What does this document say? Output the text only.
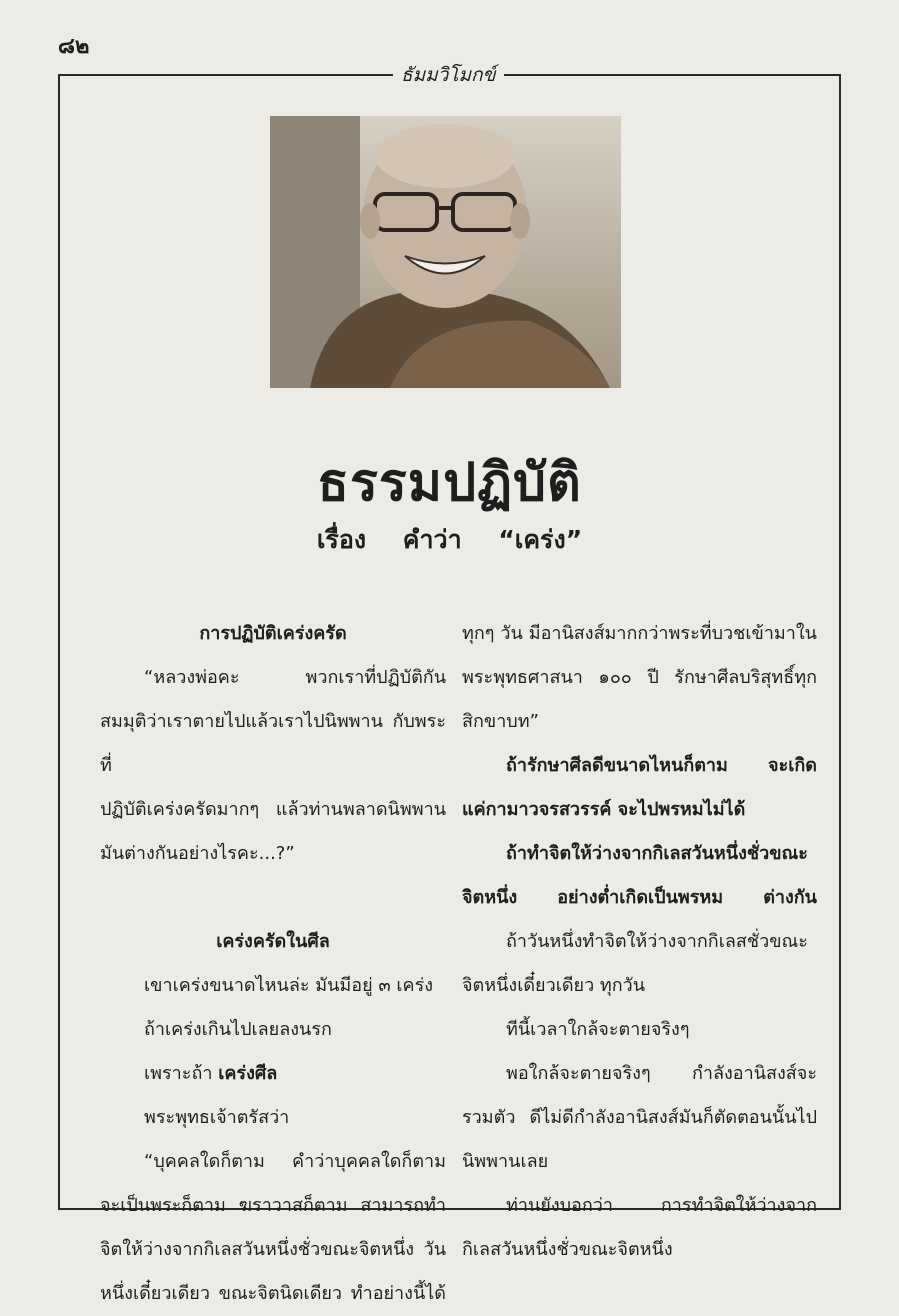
๘๒
ธัมมวิโมกข์
ธรรมปฏิบัติ
เรื่อง คำว่า “เคร่ง”

การปฏิบัติเคร่งครัด

“หลวงพ่อคะ พวกเราที่ปฏิบัติกัน

สมมุติว่าเราตายไปแล้วเราไปนิพพาน กับพระที่

ปฏิบัติเคร่งครัดมากๆ แล้วท่านพลาดนิพพาน

มันต่างกันอย่างไรคะ...?”

เคร่งครัดในศีล

เขาเคร่งขนาดไหนล่ะ มันมีอยู่ ๓ เคร่ง

ถ้าเคร่งเกินไปเลยลงนรก

เพราะถ้า เคร่งศีล

พระพุทธเจ้าตรัสว่า

“บุคคลใดก็ตาม คำว่าบุคคลใดก็ตาม

จะเป็นพระก็ตาม ฆราวาสก็ตาม สามารถทำ

จิตให้ว่างจากกิเลสวันหนึ่งชั่วขณะจิตหนึ่ง วัน

หนึ่งเดี๋ยวเดียว ขณะจิตนิดเดียว ทำอย่างนี้ได้

ทุกๆ วัน มีอานิสงส์มากกว่าพระที่บวชเข้ามาใน

พระพุทธศาสนา ๑๐๐ ปี รักษาศีลบริสุทธิ์ทุก

สิกขาบท”

ถ้ารักษาศีลดีขนาดไหนก็ตาม จะเกิด

แค่กามาวจรสวรรค์ จะไปพรหมไม่ได้

ถ้าทำจิตให้ว่างจากกิเลสวันหนึ่งชั่วขณะ

จิตหนึ่ง อย่างต่ำเกิดเป็นพรหม ต่างกัน

ถ้าวันหนึ่งทำจิตให้ว่างจากกิเลสชั่วขณะ

จิตหนึ่งเดี๋ยวเดียว ทุกวัน

ทีนี้เวลาใกล้จะตายจริงๆ

พอใกล้จะตายจริงๆ กำลังอานิสงส์จะ

รวมตัว ดีไม่ดีกำลังอานิสงส์มันก็ตัดตอนนั้นไป

นิพพานเลย

ท่านยังบอกว่า การทำจิตให้ว่างจาก

กิเลสวันหนึ่งชั่วขณะจิตหนึ่ง
